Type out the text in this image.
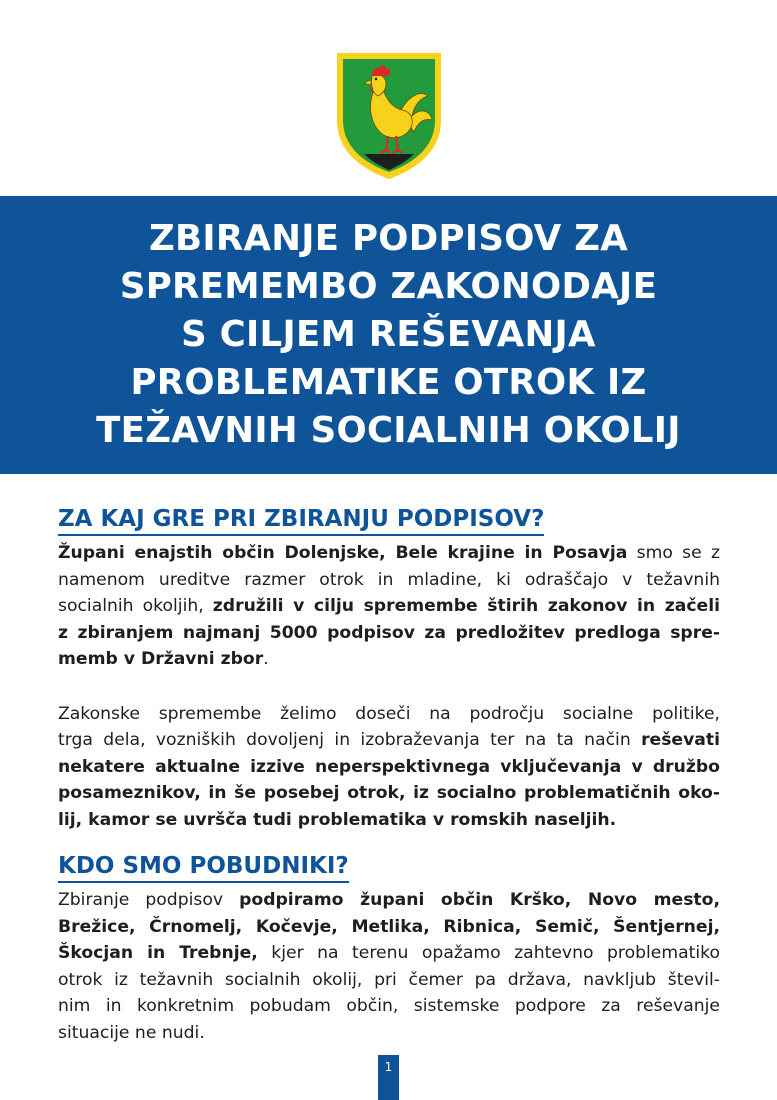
ZBIRANJE PODPISOV ZA
SPREMEMBO ZAKONODAJE
S CILJEM REŠEVANJA
PROBLEMATIKE OTROK IZ
TEŽAVNIH SOCIALNIH OKOLIJ
ZA KAJ GRE PRI ZBIRANJU PODPISOV?

Župani enajstih občin Dolenjske, Bele krajine in Posavja smo se z
namenom ureditve razmer otrok in mladine, ki odraščajo v težavnih
socialnih okoljih, združili v cilju spremembe štirih zakonov in začeli
z zbiranjem najmanj 5000 podpisov za predložitev predloga spre-
memb v Državni zbor.

Zakonske spremembe želimo doseči na področju socialne politike,
trga dela, vozniških dovoljenj in izobraževanja ter na ta način reševati
nekatere aktualne izzive neperspektivnega vključevanja v družbo
posameznikov, in še posebej otrok, iz socialno problematičnih oko-
lij, kamor se uvršča tudi problematika v romskih naseljih.

KDO SMO POBUDNIKI?

Zbiranje podpisov podpiramo župani občin Krško, Novo mesto,
Brežice, Črnomelj, Kočevje, Metlika, Ribnica, Semič, Šentjernej,
Škocjan in Trebnje, kjer na terenu opažamo zahtevno problematiko
otrok iz težavnih socialnih okolij, pri čemer pa država, navkljub števil-
nim in konkretnim pobudam občin, sistemske podpore za reševanje
situacije ne nudi.

1
